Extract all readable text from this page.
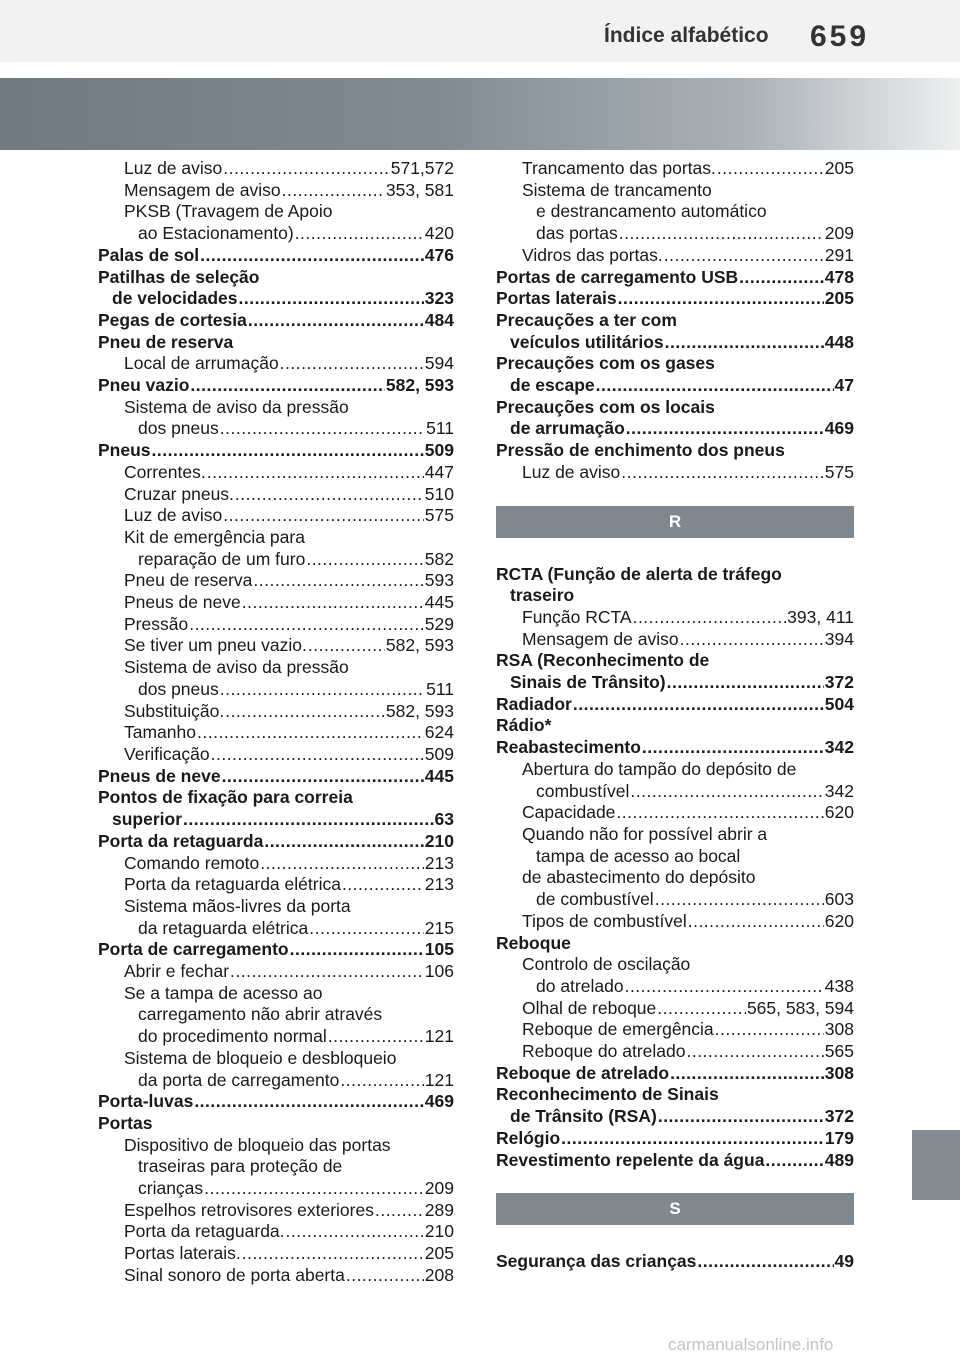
Índice alfabético 659
Luz de aviso .....	571,572
Mensagem de aviso .....	353, 581
PKSB (Travagem de Apoio
ao Estacionamento) .....	420
Palas de sol .....	476
Patilhas de seleção
de velocidades .....	323
Pegas de cortesia .....	484
Pneu de reserva
Local de arrumação .....	594
Pneu vazio .....	582, 593
Sistema de aviso da pressão
dos pneus .....	511
Pneus .....	509
Correntes. .....	447
Cruzar pneus. .....	510
Luz de aviso .....	575
Kit de emergência para
reparação de um furo .....	582
Pneu de reserva .....	593
Pneus de neve .....	445
Pressão .....	529
Se tiver um pneu vazio. .....	582, 593
Sistema de aviso da pressão
dos pneus .....	511
Substituição. .....	582, 593
Tamanho .....	624
Verificação .....	509
Pneus de neve .....	445
Pontos de fixação para correia
superior .....	63
Porta da retaguarda .....	210
Comando remoto .....	213
Porta da retaguarda elétrica .....	213
Sistema mãos-livres da porta
da retaguarda elétrica .....	215
Porta de carregamento .....	105
Abrir e fechar .....	106
Se a tampa de acesso ao
carregamento não abrir através
do procedimento normal .....	121
Sistema de bloqueio e desbloqueio
da porta de carregamento .....	121
Porta-luvas .....	469
Portas
Dispositivo de bloqueio das portas
traseiras para proteção de
crianças .....	209
Espelhos retrovisores exteriores .....	289
Porta da retaguarda. .....	210
Portas laterais. .....	205
Sinal sonoro de porta aberta .....	208
Trancamento das portas. .....	205
Sistema de trancamento
e destrancamento automático
das portas .....	209
Vidros das portas. .....	291
Portas de carregamento USB .....	478
Portas laterais .....	205
Precauções a ter com
veículos utilitários .....	448
Precauções com os gases
de escape .....	47
Precauções com os locais
de arrumação .....	469
Pressão de enchimento dos pneus
Luz de aviso .....	575
R
RCTA (Função de alerta de tráfego
traseiro
Função RCTA .....	393, 411
Mensagem de aviso .....	394
RSA (Reconhecimento de
Sinais de Trânsito) .....	372
Radiador .....	504
Rádio*
Reabastecimento .....	342
Abertura do tampão do depósito de
combustível .....	342
Capacidade .....	620
Quando não for possível abrir a
tampa de acesso ao bocal
de abastecimento do depósito
de combustível .....	603
Tipos de combustível .....	620
Reboque
Controlo de oscilação
do atrelado .....	438
Olhal de reboque .....	565, 583, 594
Reboque de emergência .....	308
Reboque do atrelado .....	565
Reboque de atrelado .....	308
Reconhecimento de Sinais
de Trânsito (RSA) .....	372
Relógio .....	179
Revestimento repelente da água .....	489
S
Segurança das crianças .....	49
carmanualsonline.info
